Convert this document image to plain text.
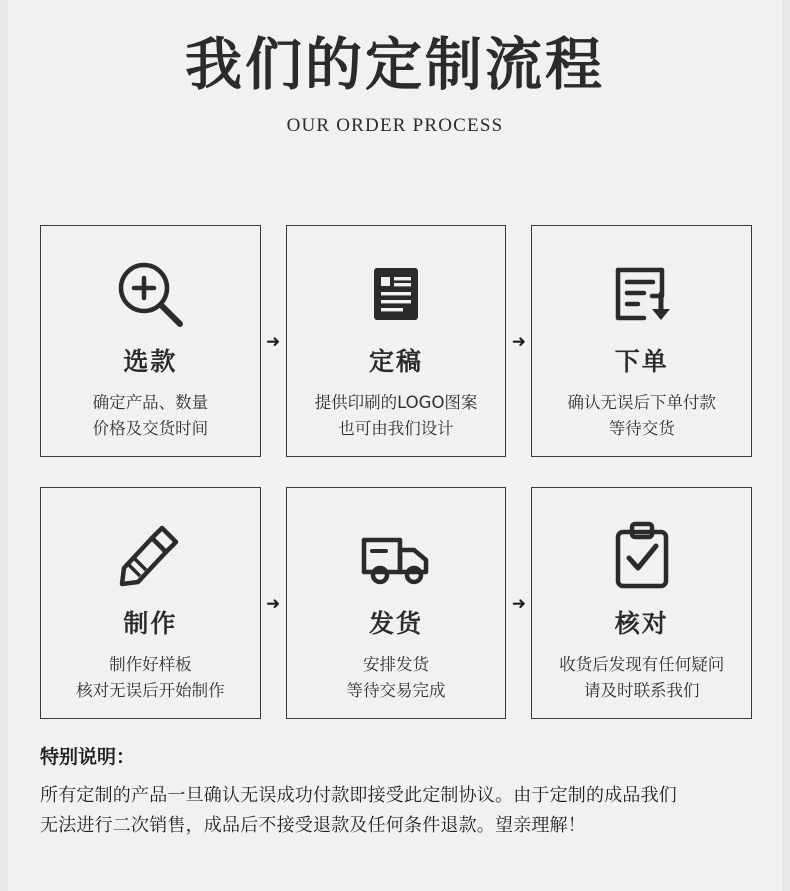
我们的定制流程
OUR ORDER PROCESS
选款
确定产品、数量
价格及交货时间
➜
定稿
提供印刷的LOGO图案
也可由我们设计
➜
下单
确认无误后下单付款
等待交货
制作
制作好样板
核对无误后开始制作
➜
发货
安排发货
等待交易完成
➜
核对
收货后发现有任何疑问
请及时联系我们
特别说明：
所有定制的产品一旦确认无误成功付款即接受此定制协议。由于定制的成品我们
无法进行二次销售，成品后不接受退款及任何条件退款。望亲理解！
